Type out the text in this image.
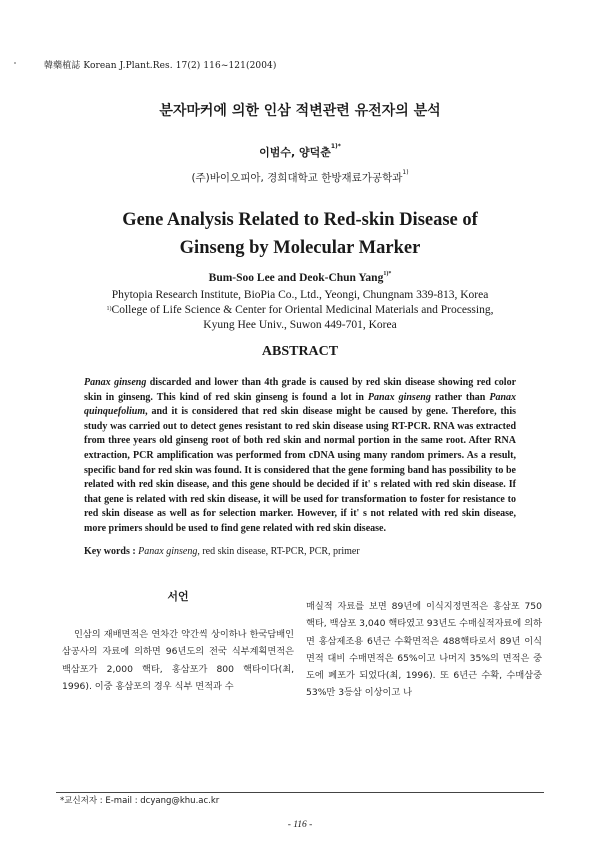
韓藥植誌 Korean J.Plant.Res. 17(2) 116~121(2004)
분자마커에 의한 인삼 적변관련 유전자의 분석
이범수, 양덕춘$^{1)*}$
(주)바이오피아, 경희대학교 한방재료가공학과$^{1)}$
Gene Analysis Related to Red-skin Disease of
Ginseng by Molecular Marker
Bum-Soo Lee and Deok-Chun Yang$^{1)*}$
Phytopia Research Institute, BioPia Co., Ltd., Yeongi, Chungnam 339-813, Korea
$^{1)}$College of Life Science & Center for Oriental Medicinal Materials and Processing,
Kyung Hee Univ., Suwon 449-701, Korea
ABSTRACT
Panax ginseng discarded and lower than 4th grade is caused by red skin disease showing red color skin in ginseng. This kind of red skin ginseng is found a lot in Panax ginseng rather than Panax quinquefolium, and it is considered that red skin disease might be caused by gene. Therefore, this study was carried out to detect genes resistant to red skin disease using RT-PCR. RNA was extracted from three years old ginseng root of both red skin and normal portion in the same root. After RNA extraction, PCR amplification was performed from cDNA using many random primers. As a result, specific band for red skin was found. It is considered that the gene forming band has possibility to be related with red skin disease, and this gene should be decided if it' s related with red skin disease. If that gene is related with red skin disease, it will be used for transformation to foster for resistance to red skin disease as well as for selection marker. However, if it' s not related with red skin disease, more primers should be used to find gene related with red skin disease.
Key words : Panax ginseng, red skin disease, RT-PCR, PCR, primer
서언
인삼의 재배면적은 연차간 약간씩 상이하나 한국담배인삼공사의 자료에 의하면 96년도의 전국 식부계획면적은 백삼포가 2,000 핵타, 홍삼포가 800 핵타이다(최, 1996). 이중 홍삼포의 경우 식부 면적과 수
매실적 자료를 보면 89년에 이식지정면적은 홍삼포 750 핵타, 백삼포 3,040 핵타였고 93년도 수매실적자료에 의하면 홍삼제조용 6년근 수확면적은 488핵타로서 89년 이식면적 대비 수매면적은 65%이고 나머지 35%의 면적은 중도에 폐포가 되었다(최, 1996). 또 6년근 수확, 수매삼중 53%만 3등삼 이상이고 나
*교신저자 : E-mail : dcyang@khu.ac.kr
- 116 -
